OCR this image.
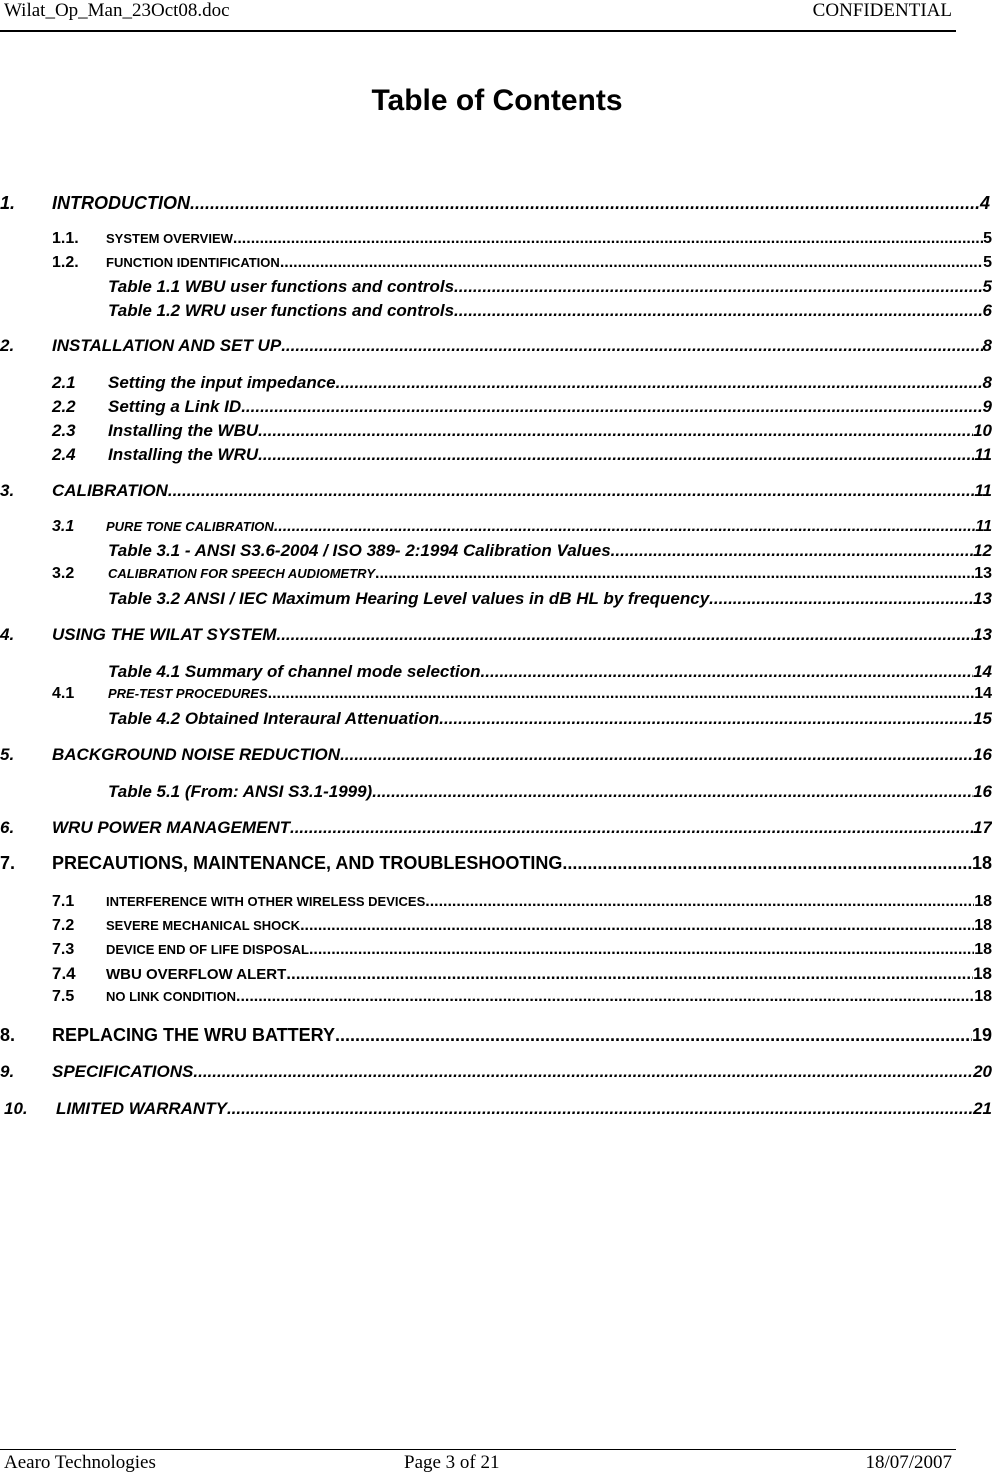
Wilat_Op_Man_23Oct08.doc	CONFIDENTIAL
Table of Contents
1.	INTRODUCTION .....	4
1.1.	SYSTEM OVERVIEW .....	5
1.2.	FUNCTION IDENTIFICATION .....	5
Table 1.1 WBU user functions and controls .....	5
Table 1.2 WRU user functions and controls .....	6
2.	INSTALLATION AND SET UP .....	8
2.1	Setting the input impedance .....	8
2.2	Setting a Link ID .....	9
2.3	Installing the WBU .....	10
2.4	Installing the WRU .....	11
3.	CALIBRATION .....	11
3.1	PURE TONE CALIBRATION .....	11
Table 3.1 - ANSI S3.6-2004 / ISO 389- 2:1994 Calibration Values .....	12
3.2	CALIBRATION FOR SPEECH AUDIOMETRY .....	13
Table 3.2 ANSI / IEC Maximum Hearing Level values in dB HL by frequency .....	13
4.	USING THE WILAT SYSTEM .....	13
Table 4.1 Summary of channel mode selection .....	14
4.1	PRE-TEST PROCEDURES .....	14
Table 4.2 Obtained Interaural Attenuation .....	15
5.	BACKGROUND NOISE REDUCTION .....	16
Table 5.1 (From: ANSI S3.1-1999). .....	16
6.	WRU POWER MANAGEMENT .....	17
7.	PRECAUTIONS, MAINTENANCE, AND TROUBLESHOOTING .....	18
7.1	INTERFERENCE WITH OTHER WIRELESS DEVICES .....	18
7.2	SEVERE MECHANICAL SHOCK .....	18
7.3	DEVICE END OF LIFE DISPOSAL .....	18
7.4	WBU OVERFLOW ALERT .....	18
7.5	NO LINK CONDITION .....	18
8.	REPLACING THE WRU BATTERY .....	19
9.	SPECIFICATIONS .....	20
10.	LIMITED WARRANTY .....	21
Aearo Technologies	Page 3 of 21	18/07/2007
